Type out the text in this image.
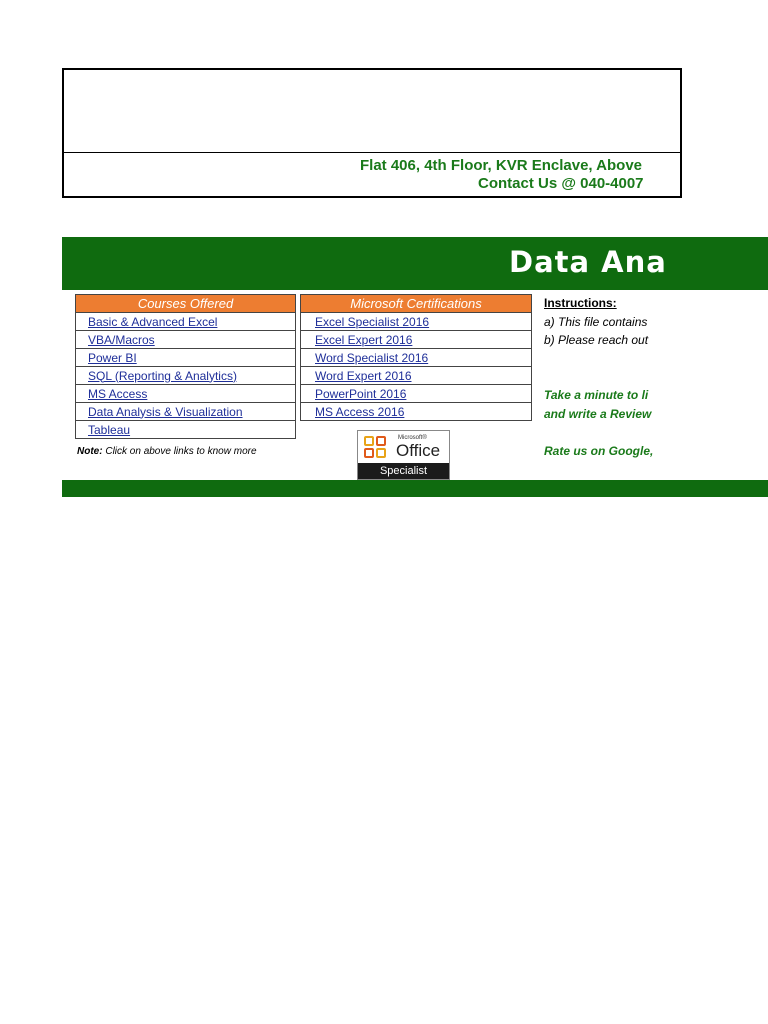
Flat 406, 4th Floor, KVR Enclave, Above
Contact Us @ 040-4007
Data Ana
Courses Offered
Basic & Advanced Excel
VBA/Macros
Power BI
SQL (Reporting & Analytics)
MS Access
Data Analysis & Visualization
Tableau
Microsoft Certifications
Excel Specialist 2016
Excel Expert 2016
Word Specialist 2016
Word Expert 2016
PowerPoint 2016
MS Access 2016
Note: Click on above links to know more
Microsoft®
Office
Specialist
Instructions:
a) This file contains
b) Please reach out
Take a minute to li
and write a Review
Rate us on Google,
